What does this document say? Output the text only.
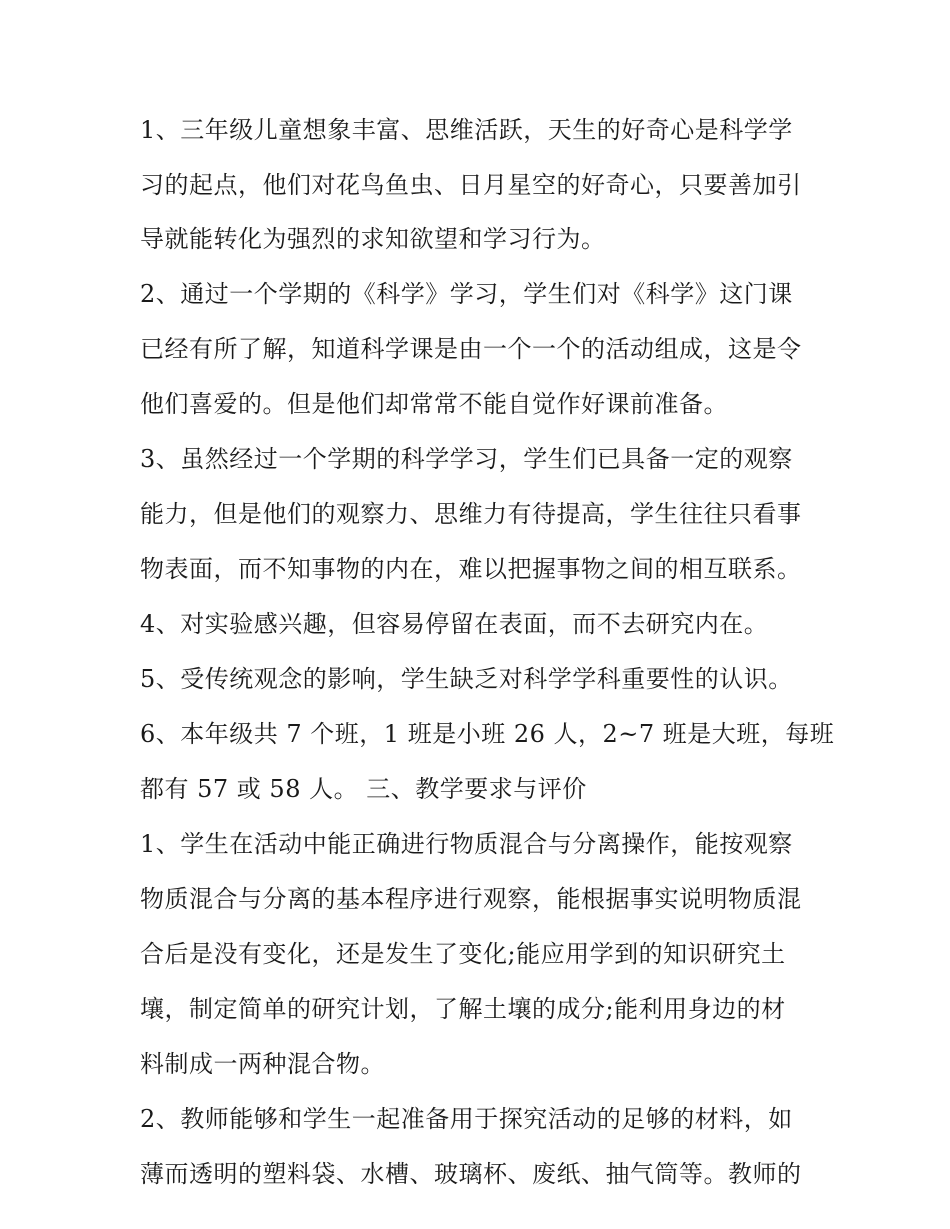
1、三年级儿童想象丰富、思维活跃，天生的好奇心是科学学
习的起点，他们对花鸟鱼虫、日月星空的好奇心，只要善加引
导就能转化为强烈的求知欲望和学习行为。
2、通过一个学期的《科学》学习，学生们对《科学》这门课
已经有所了解，知道科学课是由一个一个的活动组成，这是令
他们喜爱的。但是他们却常常不能自觉作好课前准备。
3、虽然经过一个学期的科学学习，学生们已具备一定的观察
能力，但是他们的观察力、思维力有待提高，学生往往只看事
物表面，而不知事物的内在，难以把握事物之间的相互联系。
4、对实验感兴趣，但容易停留在表面，而不去研究内在。
5、受传统观念的影响，学生缺乏对科学学科重要性的认识。
6、本年级共 7 个班，1 班是小班 26 人，2~7 班是大班，每班
都有 57 或 58 人。 三、教学要求与评价
1、学生在活动中能正确进行物质混合与分离操作，能按观察
物质混合与分离的基本程序进行观察，能根据事实说明物质混
合后是没有变化，还是发生了变化;能应用学到的知识研究土
壤，制定简单的研究计划，了解土壤的成分;能利用身边的材
料制成一两种混合物。
2、教师能够和学生一起准备用于探究活动的足够的材料，如
薄而透明的塑料袋、水槽、玻璃杯、废纸、抽气筒等。教师的
